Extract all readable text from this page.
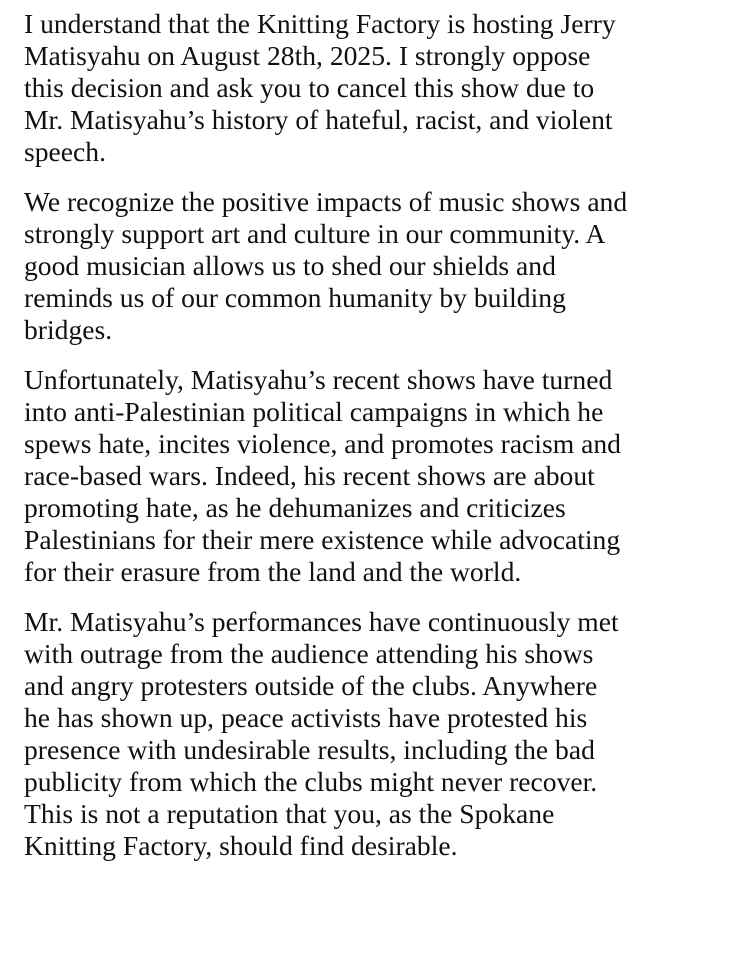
I understand that the Knitting Factory is hosting Jerry
Matisyahu on August 28th, 2025. I strongly oppose
this decision and ask you to cancel this show due to
Mr. Matisyahu’s history of hateful, racist, and violent
speech.

We recognize the positive impacts of music shows and
strongly support art and culture in our community. A
good musician allows us to shed our shields and
reminds us of our common humanity by building
bridges.

Unfortunately, Matisyahu’s recent shows have turned
into anti-Palestinian political campaigns in which he
spews hate, incites violence, and promotes racism and
race-based wars. Indeed, his recent shows are about
promoting hate, as he dehumanizes and criticizes
Palestinians for their mere existence while advocating
for their erasure from the land and the world.

Mr. Matisyahu’s performances have continuously met
with outrage from the audience attending his shows
and angry protesters outside of the clubs. Anywhere
he has shown up, peace activists have protested his
presence with undesirable results, including the bad
publicity from which the clubs might never recover.
This is not a reputation that you, as the Spokane
Knitting Factory, should find desirable.
